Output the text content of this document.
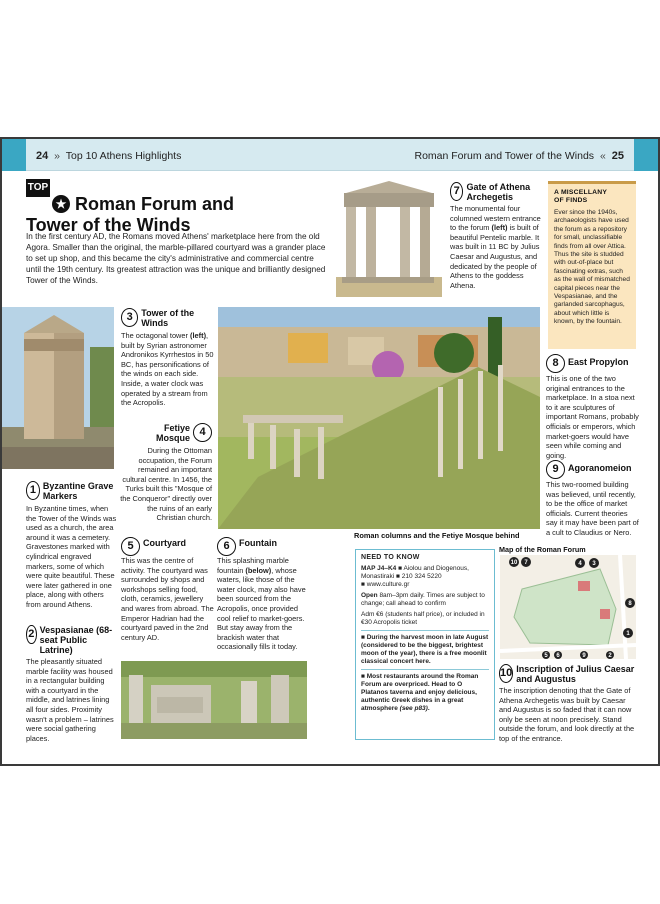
24 » Top 10 Athens Highlights	Roman Forum and Tower of the Winds « 25
TOP 10 ★ Roman Forum and Tower of the Winds
In the first century AD, the Romans moved Athens' marketplace here from the old Agora. Smaller than the original, the marble-pillared courtyard was a grander place to set up shop, and this became the city's administrative and commercial centre until the 19th century. Its greatest attraction was the unique and brilliantly designed Tower of the Winds.
7 Gate of Athena Archegetis
The monumental four columned western entrance to the forum (left) is built of beautiful Pentelic marble. It was built in 11 BC by Julius Caesar and Augustus, and dedicated by the people of Athens to the goddess Athena.
A MISCELLANY
OF FINDS

Ever since the 1940s, archaeologists have used the forum as a repository for small, unclassifiable finds from all over Attica. Thus the site is studded with out-of-place but fascinating extras, such as the wall of mismatched capital pieces near the Vespasianae, and the garlanded sarcophagus, about which little is known, by the fountain.

3 Tower of the Winds
The octagonal tower (left), built by Syrian astronomer Andronikos Kyrrhestos in 50 BC, has personifications of the winds on each side. Inside, a water clock was operated by a stream from the Acropolis.
Fetiye Mosque 4
During the Ottoman occupation, the Forum remained an important cultural centre. In 1456, the Turks built this "Mosque of the Conqueror" directly over the ruins of an early Christian church.
8	East Propylon
This is one of the two original entrances to the marketplace. In a stoa next to it are sculptures of important Romans, probably officials or emperors, which market-goers would have seen while coming and going.
9	Agoranomeion
This two-roomed building was believed, until recently, to be the office of market officials. Current theories say it may have been part of a cult to Claudius or Nero.
1 Byzantine Grave Markers
In Byzantine times, when the Tower of the Winds was used as a church, the area around it was a cemetery. Gravestones marked with cylindrical engraved markers, some of which were quite beautiful. These were later gathered in one place, along with others from around Athens.
2 Vespasianae (68-seat Public Latrine)
The pleasantly situated marble facility was housed in a rectangular building with a courtyard in the middle, and latrines lining all four sides. Proximity wasn't a problem – latrines were social gathering places.
5	Courtyard
This was the centre of activity. The courtyard was surrounded by shops and workshops selling food, cloth, ceramics, jewellery and wares from abroad. The Emperor Hadrian had the courtyard paved in the 2nd century AD.
6	Fountain
This splashing marble fountain (below), whose waters, like those of the water clock, may also have been sourced from the Acropolis, once provided cool relief to market-goers. But stay away from the brackish water that occasionally fills it today.
Roman columns and the Fetiye Mosque behind
NEED TO KNOW

MAP J4–K4 ■ Aiolou and Diogenous, Monastiraki ■ 210 324 5220
■ www.culture.gr

Open 8am–3pm daily. Times are subject to change; call ahead to confirm

Adm €6 (students half price), or included in €30 Acropolis ticket

■ During the harvest moon in late August (considered to be the biggest, brightest moon of the year), there is a free moonlit classical concert here.

■ Most restaurants around the Roman Forum are overpriced. Head to O Platanos taverna and enjoy delicious, authentic Greek dishes in a great atmosphere (see p83).

Map of the Roman Forum
10 7	4 3
8
1
2
5 6	9
10 Inscription of Julius Caesar and Augustus
The inscription denoting that the Gate of Athena Archegetis was built by Caesar and Augustus is so faded that it can now only be seen at noon precisely. Stand outside the forum, and look directly at the top of the entrance.
